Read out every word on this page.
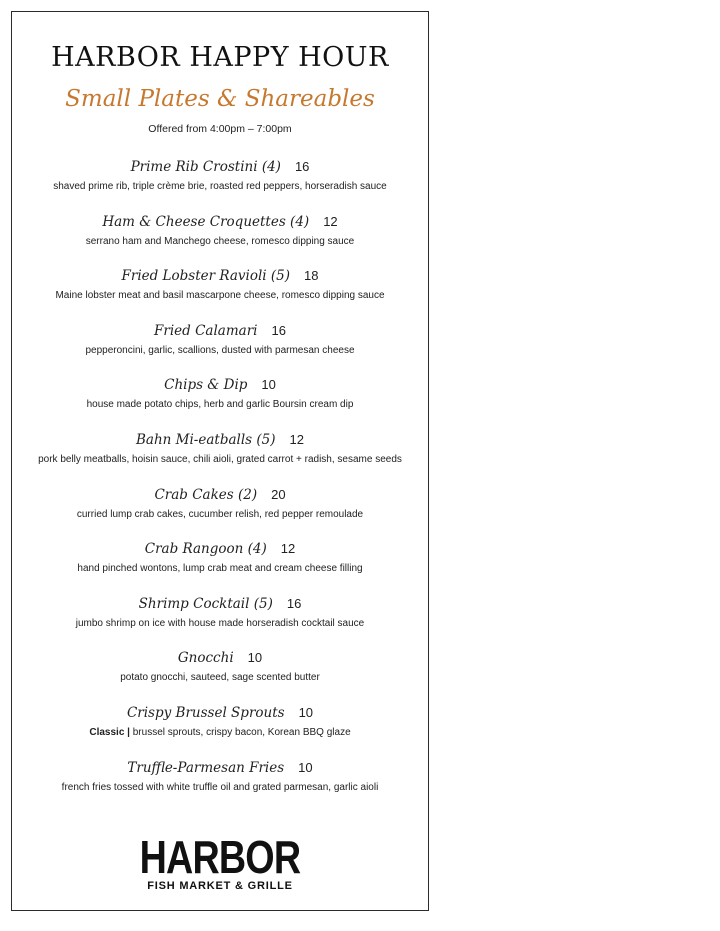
HARBOR HAPPY HOUR
Small Plates & Shareables
Offered from 4:00pm – 7:00pm
Prime Rib Crostini (4) 16
shaved prime rib, triple crème brie, roasted red peppers, horseradish sauce
Ham & Cheese Croquettes (4) 12
serrano ham and Manchego cheese, romesco dipping sauce
Fried Lobster Ravioli (5) 18
Maine lobster meat and basil mascarpone cheese, romesco dipping sauce
Fried Calamari 16
pepperoncini, garlic, scallions, dusted with parmesan cheese
Chips & Dip 10
house made potato chips, herb and garlic Boursin cream dip
Bahn Mi-eatballs (5) 12
pork belly meatballs, hoisin sauce, chili aioli, grated carrot + radish, sesame seeds
Crab Cakes (2) 20
curried lump crab cakes, cucumber relish, red pepper remoulade
Crab Rangoon (4) 12
hand pinched wontons, lump crab meat and cream cheese filling
Shrimp Cocktail (5) 16
jumbo shrimp on ice with house made horseradish cocktail sauce
Gnocchi 10
potato gnocchi, sauteed, sage scented butter
Crispy Brussel Sprouts 10
Classic | brussel sprouts, crispy bacon, Korean BBQ glaze
Truffle-Parmesan Fries 10
french fries tossed with white truffle oil and grated parmesan, garlic aioli
HARBOR
FISH MARKET & GRILLE
